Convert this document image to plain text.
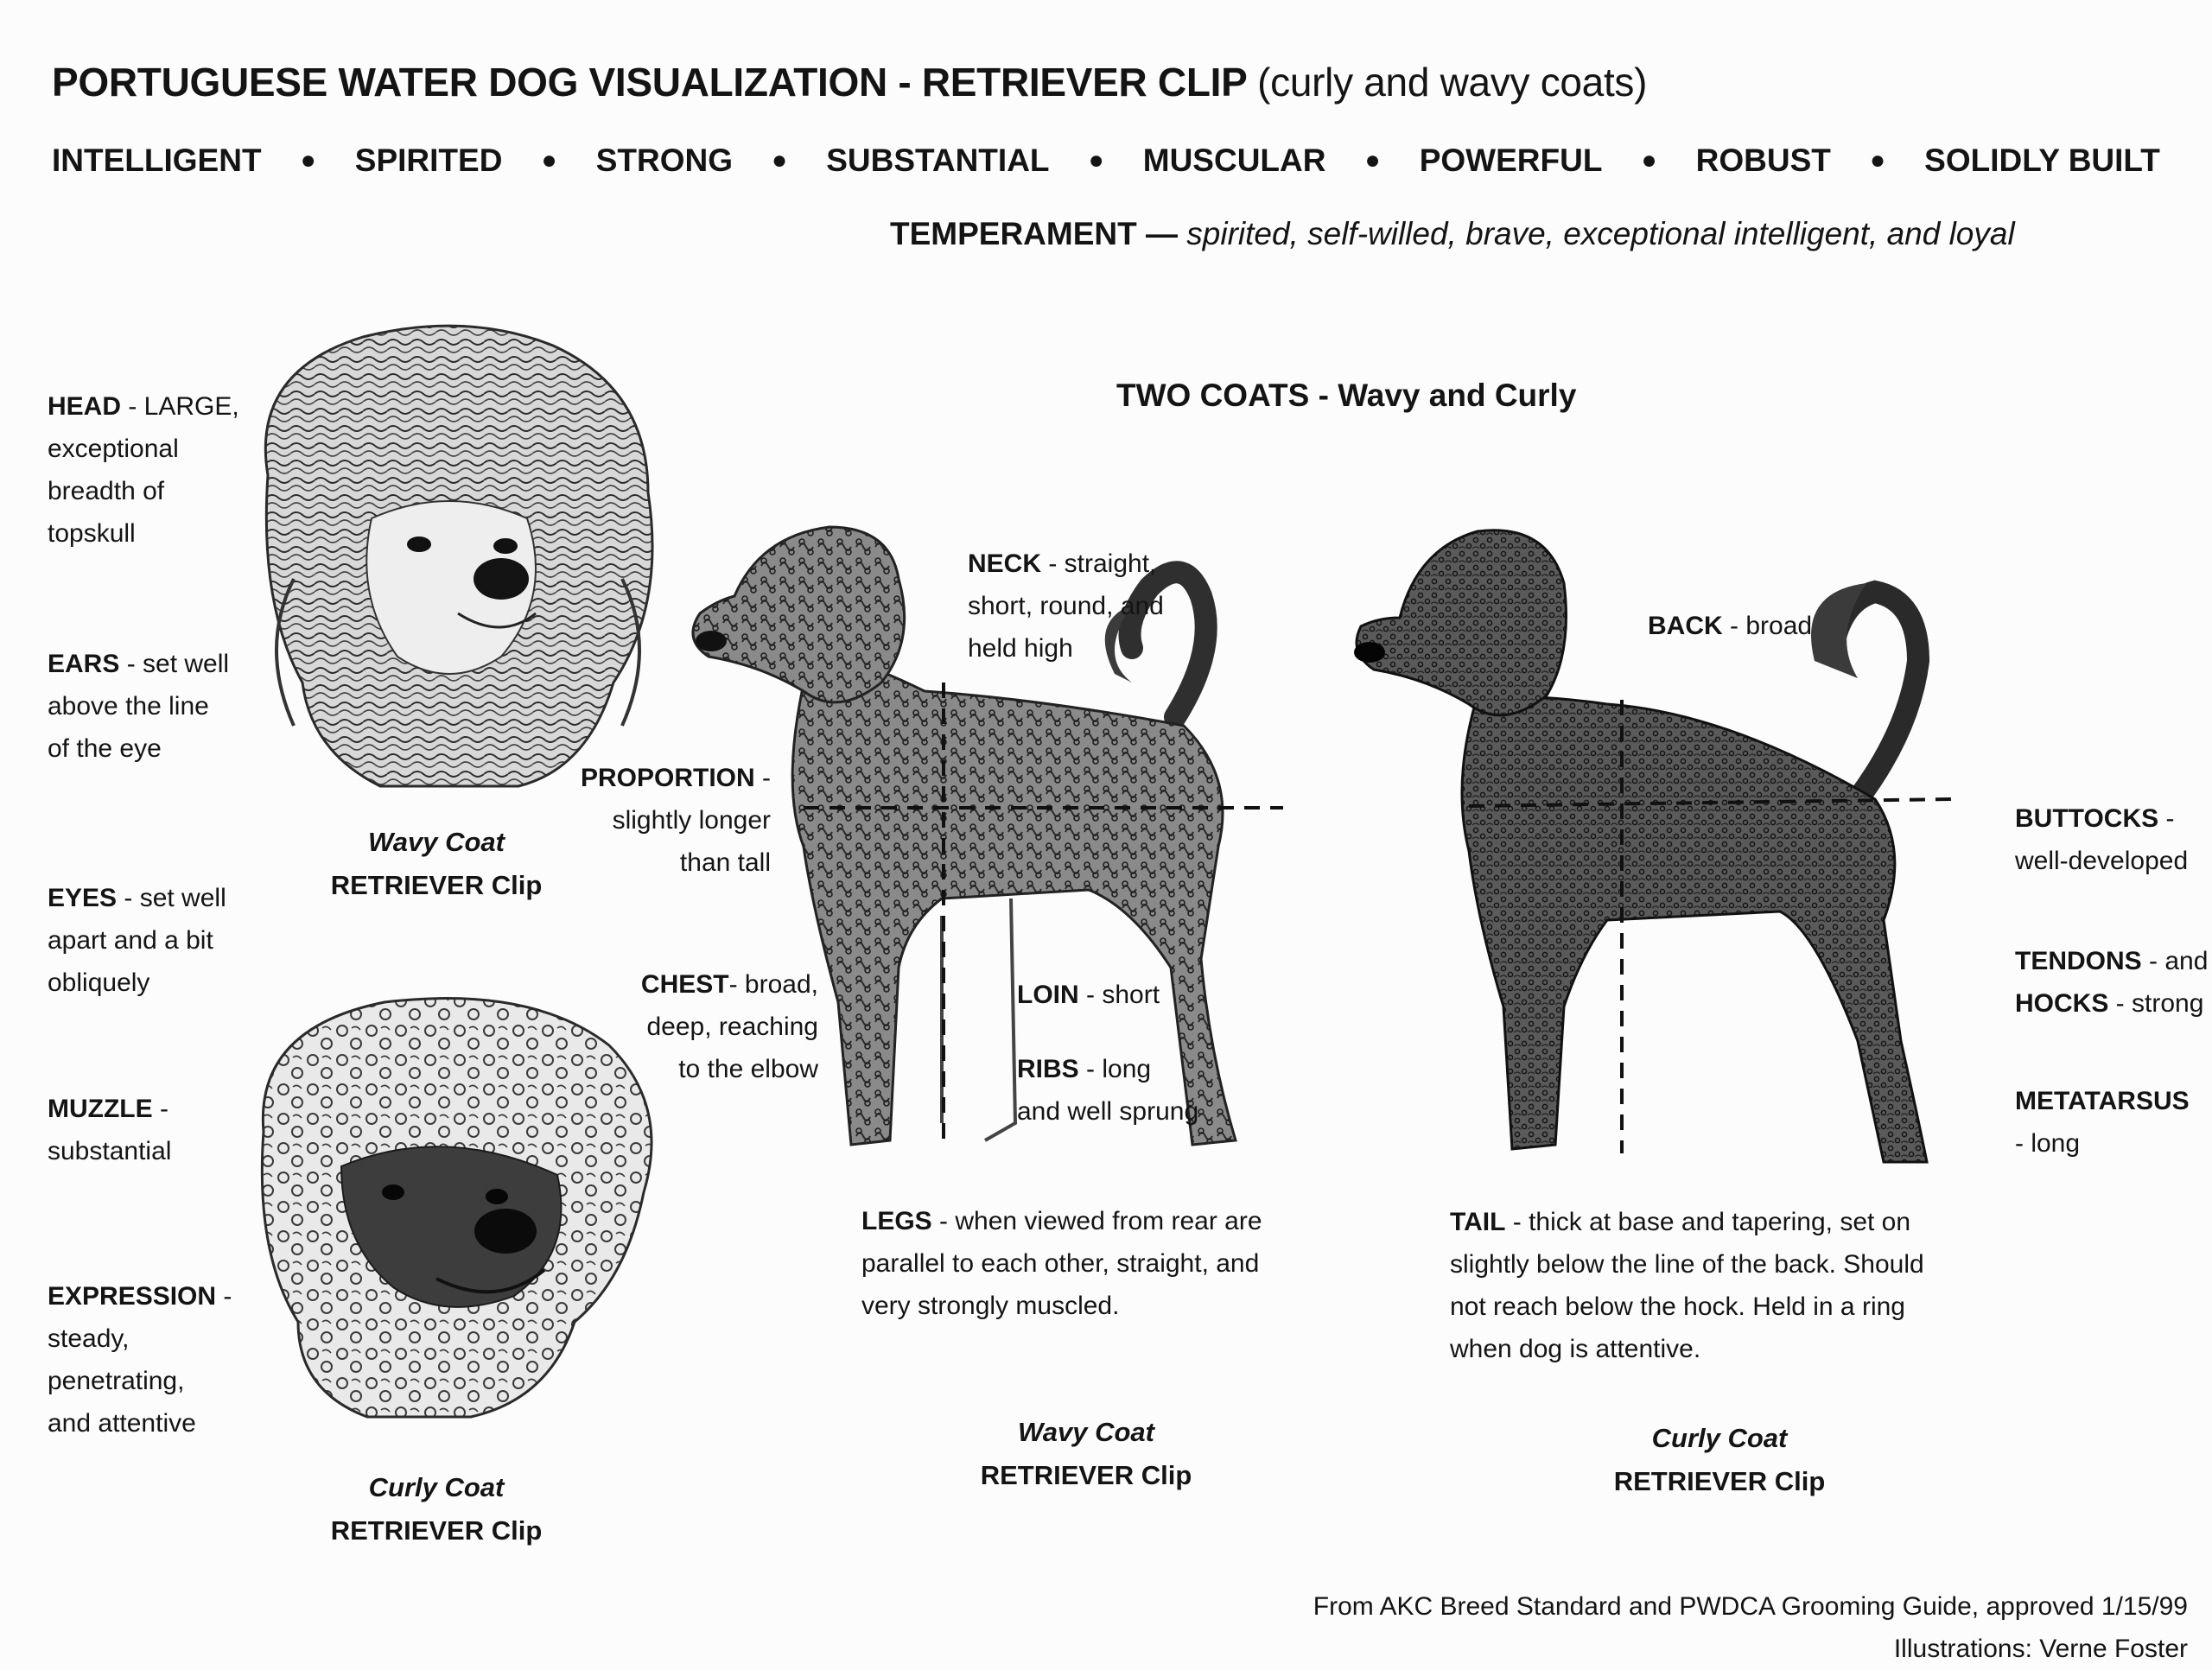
PORTUGUESE WATER DOG VISUALIZATION - RETRIEVER CLIP (curly and wavy coats)
INTELLIGENT ● SPIRITED ● STRONG ● SUBSTANTIAL ● MUSCULAR ● POWERFUL ● ROBUST ● SOLIDLY BUILT
TEMPERAMENT — spirited, self-willed, brave, exceptional intelligent, and loyal
TWO COATS - Wavy and Curly
HEAD - LARGE,
exceptional
breadth of
topskull
EARS - set well
above the line
of the eye
EYES - set well
apart and a bit
obliquely
MUZZLE -
substantial
EXPRESSION -
steady,
penetrating,
and attentive
Wavy Coat
RETRIEVER Clip
Curly Coat
RETRIEVER Clip
PROPORTION -
slightly longer
than tall
NECK - straight,
short, round, and
held high
CHEST- broad,
deep, reaching
to the elbow
LOIN - short
RIBS - long
and well sprung
BACK - broad
BUTTOCKS -
well-developed
TENDONS - and
HOCKS - strong
METATARSUS
- long
LEGS - when viewed from rear are
parallel to each other, straight, and
very strongly muscled.
TAIL - thick at base and tapering, set on
slightly below the line of the back. Should
not reach below the hock. Held in a ring
when dog is attentive.
Wavy Coat
RETRIEVER Clip
Curly Coat
RETRIEVER Clip
From AKC Breed Standard and PWDCA Grooming Guide, approved 1/15/99
Illustrations: Verne Foster
